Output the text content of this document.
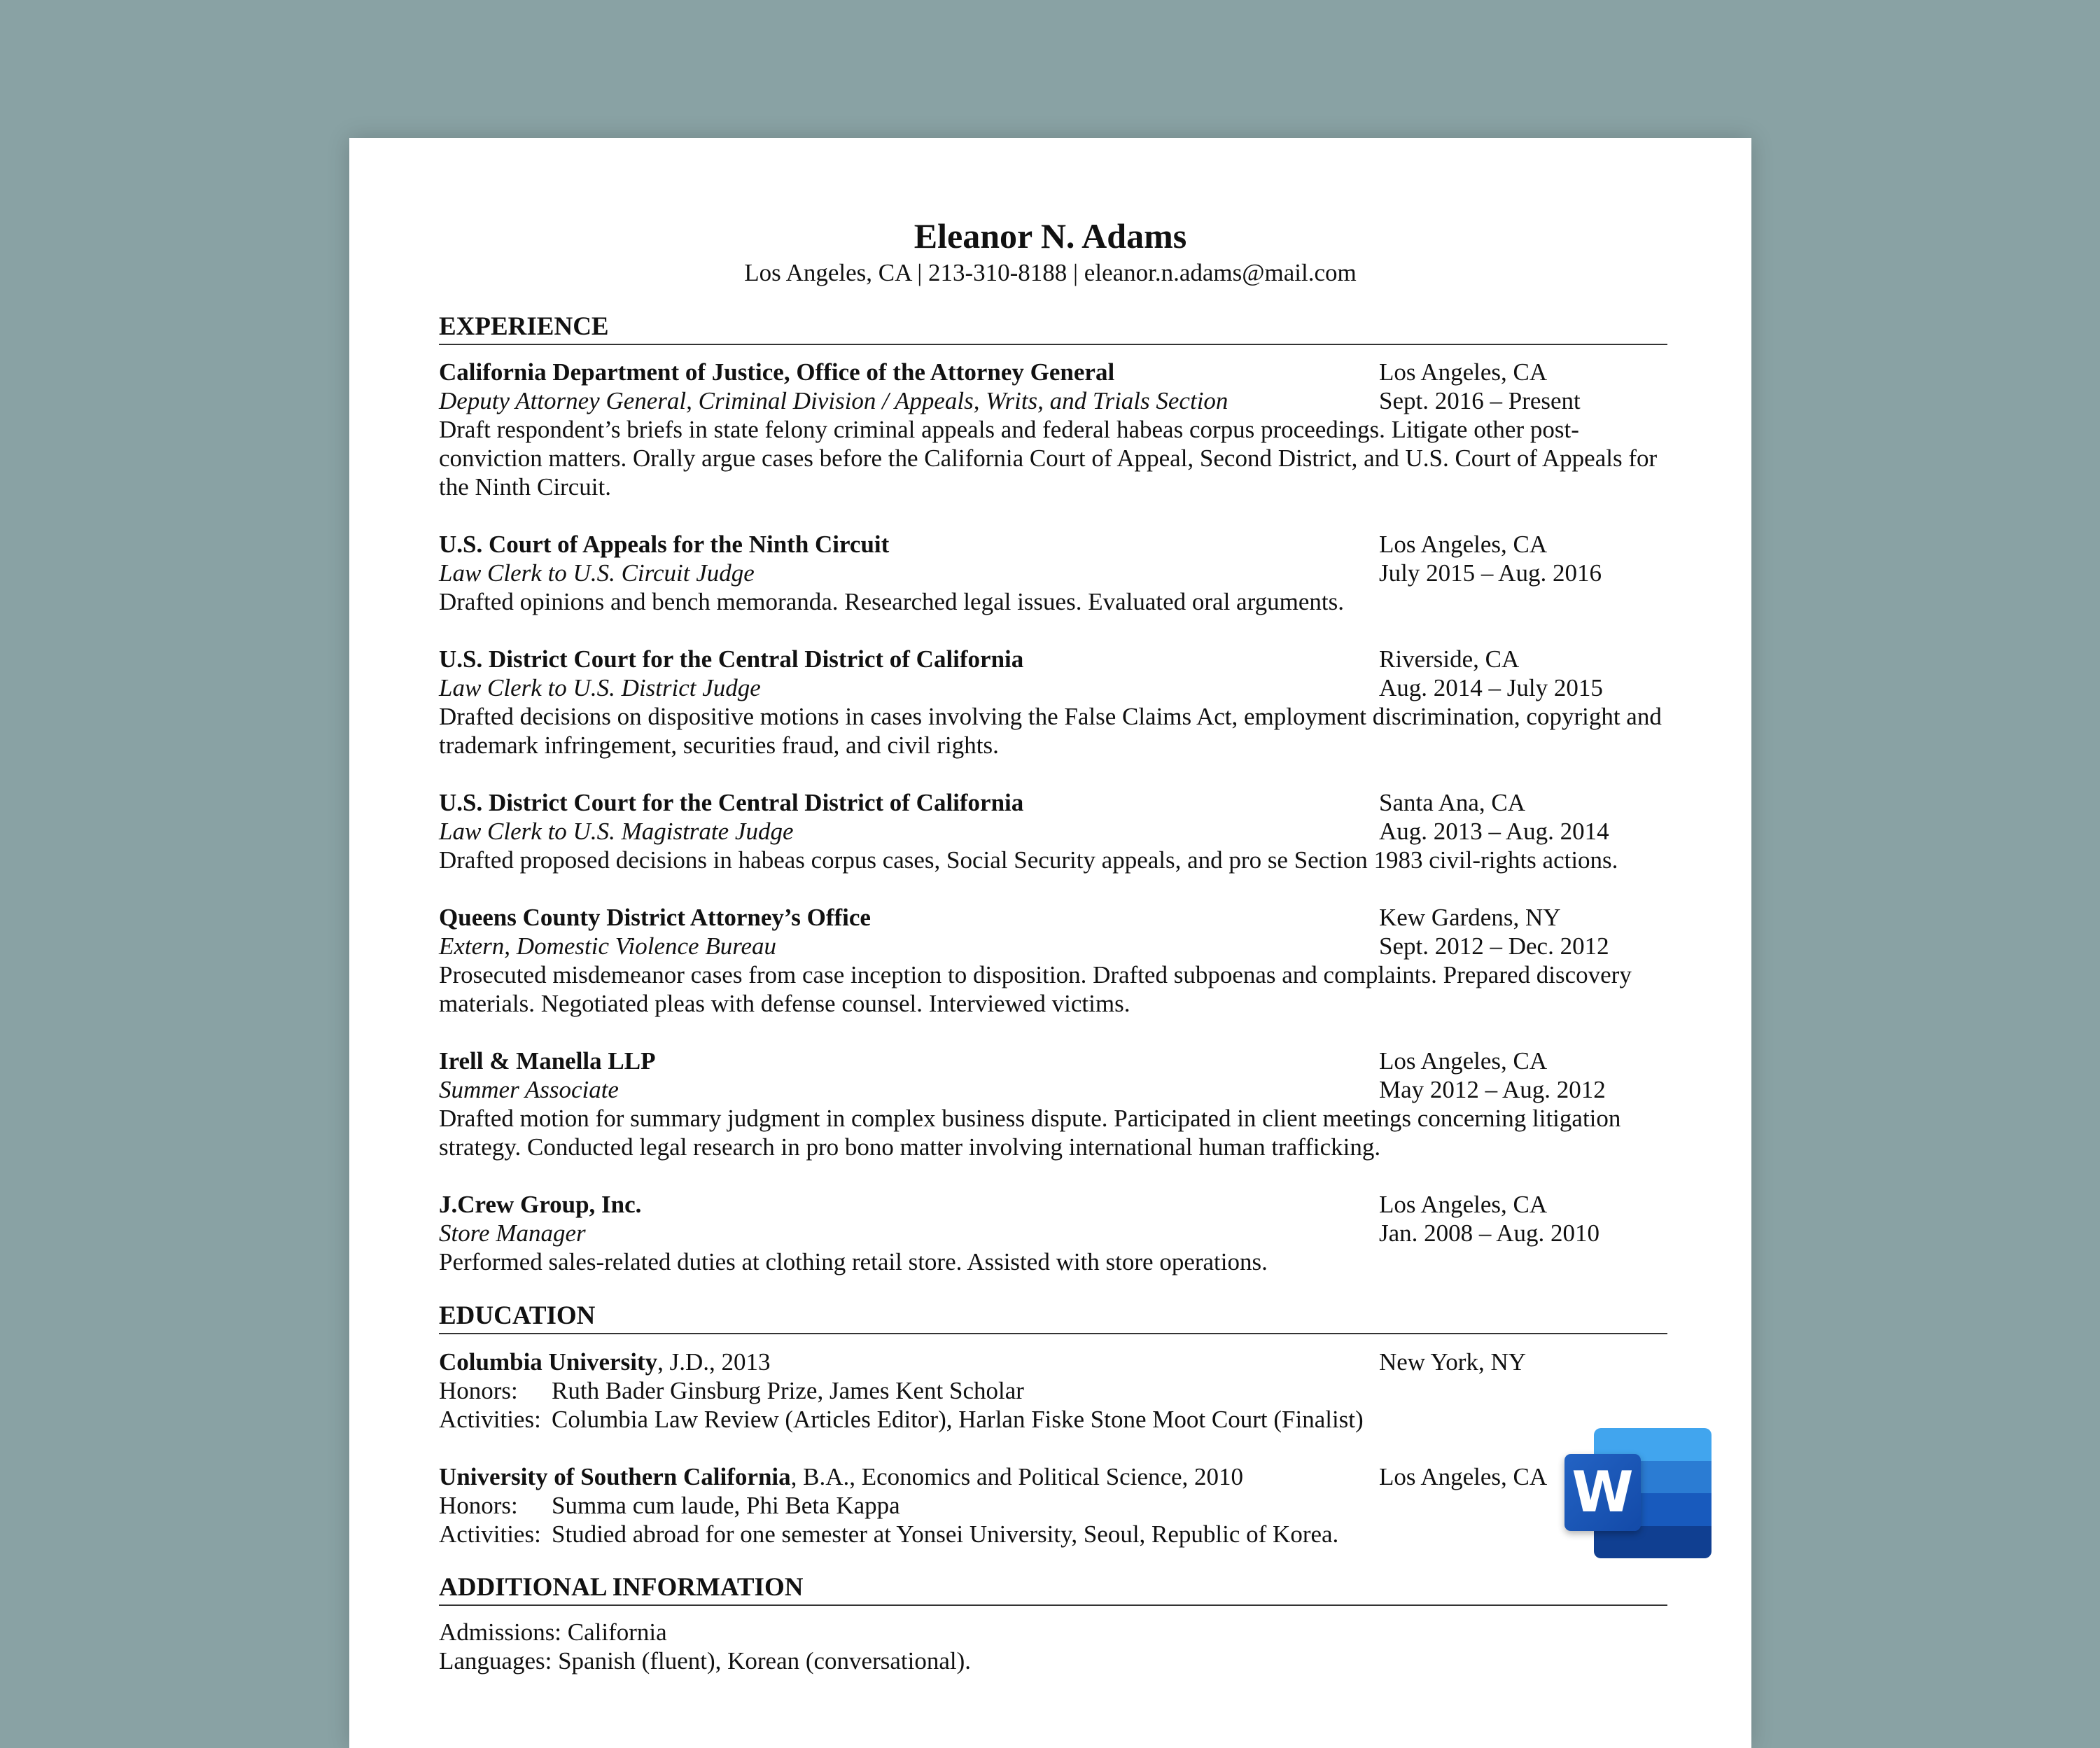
Eleanor N. Adams
Los Angeles, CA | 213-310-8188 | eleanor.n.adams@mail.com
EXPERIENCE
California Department of Justice, Office of the Attorney General	Los Angeles, CA
Deputy Attorney General, Criminal Division / Appeals, Writs, and Trials Section	Sept. 2016 – Present
Draft respondent’s briefs in state felony criminal appeals and federal habeas corpus proceedings. Litigate other post-conviction matters. Orally argue cases before the California Court of Appeal, Second District, and U.S. Court of Appeals for the Ninth Circuit.
U.S. Court of Appeals for the Ninth Circuit	Los Angeles, CA
Law Clerk to U.S. Circuit Judge	July 2015 – Aug. 2016
Drafted opinions and bench memoranda. Researched legal issues. Evaluated oral arguments.
U.S. District Court for the Central District of California	Riverside, CA
Law Clerk to U.S. District Judge	Aug. 2014 – July 2015
Drafted decisions on dispositive motions in cases involving the False Claims Act, employment discrimination, copyright and trademark infringement, securities fraud, and civil rights.
U.S. District Court for the Central District of California	Santa Ana, CA
Law Clerk to U.S. Magistrate Judge	Aug. 2013 – Aug. 2014
Drafted proposed decisions in habeas corpus cases, Social Security appeals, and pro se Section 1983 civil-rights actions.
Queens County District Attorney’s Office	Kew Gardens, NY
Extern, Domestic Violence Bureau	Sept. 2012 – Dec. 2012
Prosecuted misdemeanor cases from case inception to disposition. Drafted subpoenas and complaints. Prepared discovery materials. Negotiated pleas with defense counsel. Interviewed victims.
Irell & Manella LLP	Los Angeles, CA
Summer Associate	May 2012 – Aug. 2012
Drafted motion for summary judgment in complex business dispute. Participated in client meetings concerning litigation strategy. Conducted legal research in pro bono matter involving international human trafficking.
J.Crew Group, Inc.	Los Angeles, CA
Store Manager	Jan. 2008 – Aug. 2010
Performed sales-related duties at clothing retail store. Assisted with store operations.
EDUCATION
Columbia University, J.D., 2013	New York, NY
Honors: Ruth Bader Ginsburg Prize, James Kent Scholar
Activities: Columbia Law Review (Articles Editor), Harlan Fiske Stone Moot Court (Finalist)
University of Southern California, B.A., Economics and Political Science, 2010	Los Angeles, CA
Honors: Summa cum laude, Phi Beta Kappa
Activities: Studied abroad for one semester at Yonsei University, Seoul, Republic of Korea.
ADDITIONAL INFORMATION
Admissions: California
Languages: Spanish (fluent), Korean (conversational).
W
